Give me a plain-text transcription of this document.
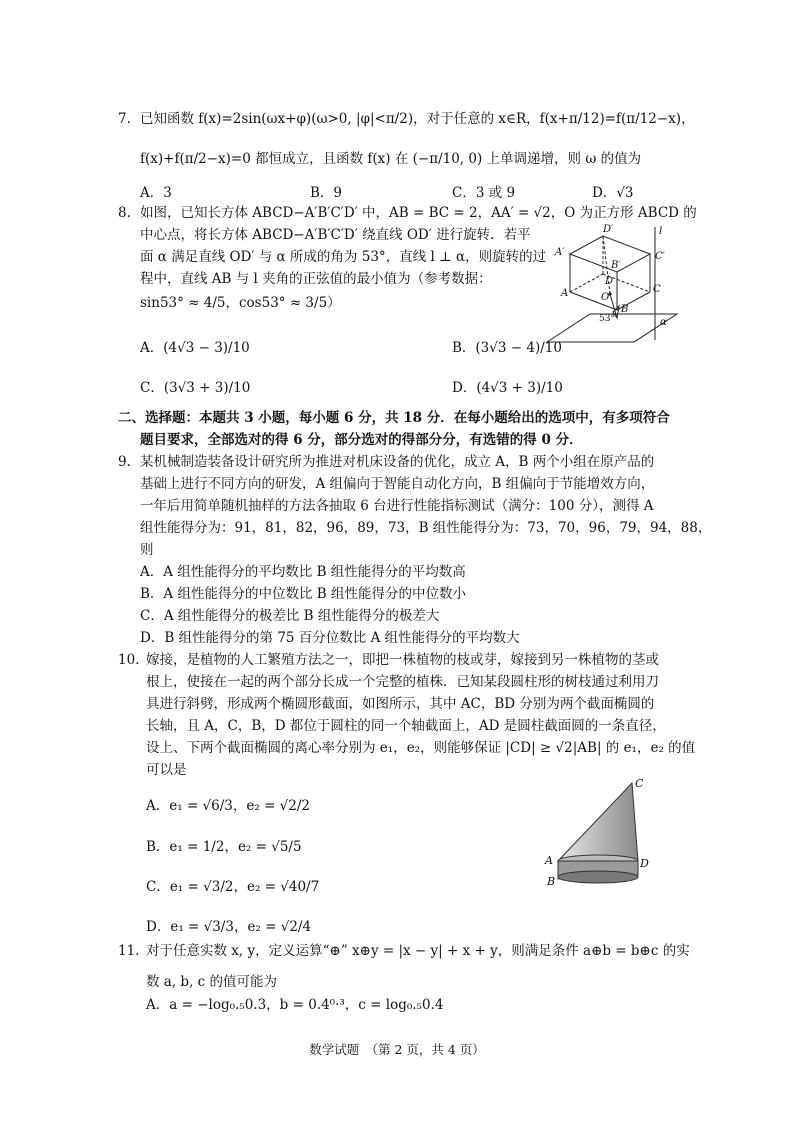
7. 已知函数 f(x)=2sin(ωx+φ)(ω>0, |φ|<π/2)，对于任意的 x∈R，f(x+π/12)=f(π/12−x)，
f(x)+f(π/2−x)=0 都恒成立，且函数 f(x) 在 (−π/10, 0) 上单调递增，则 ω 的值为
A．3	B．9	C．3 或 9	D．√3
8. 如图，已知长方体 ABCD−A′B′C′D′ 中，AB = BC = 2，AA′ = √2，O 为正方形 ABCD 的
中心点，将长方体 ABCD−A′B′C′D′ 绕直线 OD′ 进行旋转．若平
面 α 满足直线 OD′ 与 α 所成的角为 53°，直线 l ⊥ α，则旋转的过
程中，直线 AB 与 l 夹角的正弦值的最小值为（参考数据：
sin53° ≈ 4/5，cos53° ≈ 3/5）
A．(4√3 − 3)/10	B．(3√3 − 4)/10
C．(3√3 + 3)/10	D．(4√3 + 3)/10
D′	l
A′
B′
C′
D
O
A	C
B
53°	α
二、选择题：本题共 3 小题，每小题 6 分，共 18 分．在每小题给出的选项中，有多项符合
题目要求，全部选对的得 6 分，部分选对的得部分分，有选错的得 0 分．
9. 某机械制造装备设计研究所为推进对机床设备的优化，成立 A，B 两个小组在原产品的
基础上进行不同方向的研发，A 组偏向于智能自动化方向，B 组偏向于节能增效方向，
一年后用简单随机抽样的方法各抽取 6 台进行性能指标测试（满分：100 分），测得 A
组性能得分为：91，81，82，96，89，73，B 组性能得分为：73，70，96，79，94，88，
则
A．A 组性能得分的平均数比 B 组性能得分的平均数高
B．A 组性能得分的中位数比 B 组性能得分的中位数小
C．A 组性能得分的极差比 B 组性能得分的极差大
D．B 组性能得分的第 75 百分位数比 A 组性能得分的平均数大
10. 嫁接，是植物的人工繁殖方法之一，即把一株植物的枝或芽，嫁接到另一株植物的茎或
根上，使接在一起的两个部分长成一个完整的植株．已知某段圆柱形的树枝通过利用刀
具进行斜劈，形成两个椭圆形截面，如图所示，其中 AC，BD 分别为两个截面椭圆的
长轴，且 A，C，B，D 都位于圆柱的同一个轴截面上，AD 是圆柱截面圆的一条直径，
设上、下两个截面椭圆的离心率分别为 e₁，e₂，则能够保证 |CD| ≥ √2|AB| 的 e₁，e₂ 的值
可以是
A．e₁ = √6/3，e₂ = √2/2
B．e₁ = 1/2，e₂ = √5/5
C．e₁ = √3/2，e₂ = √40/7
D．e₁ = √3/3，e₂ = √2/4
C
A	D
B
11. 对于任意实数 x, y，定义运算“⊕” x⊕y = |x − y| + x + y，则满足条件 a⊕b = b⊕c 的实
数 a, b, c 的值可能为
A．a = −log₀.₅0.3，b = 0.4⁰·³，c = log₀.₅0.4
数学试题　（第 2 页，共 4 页）
